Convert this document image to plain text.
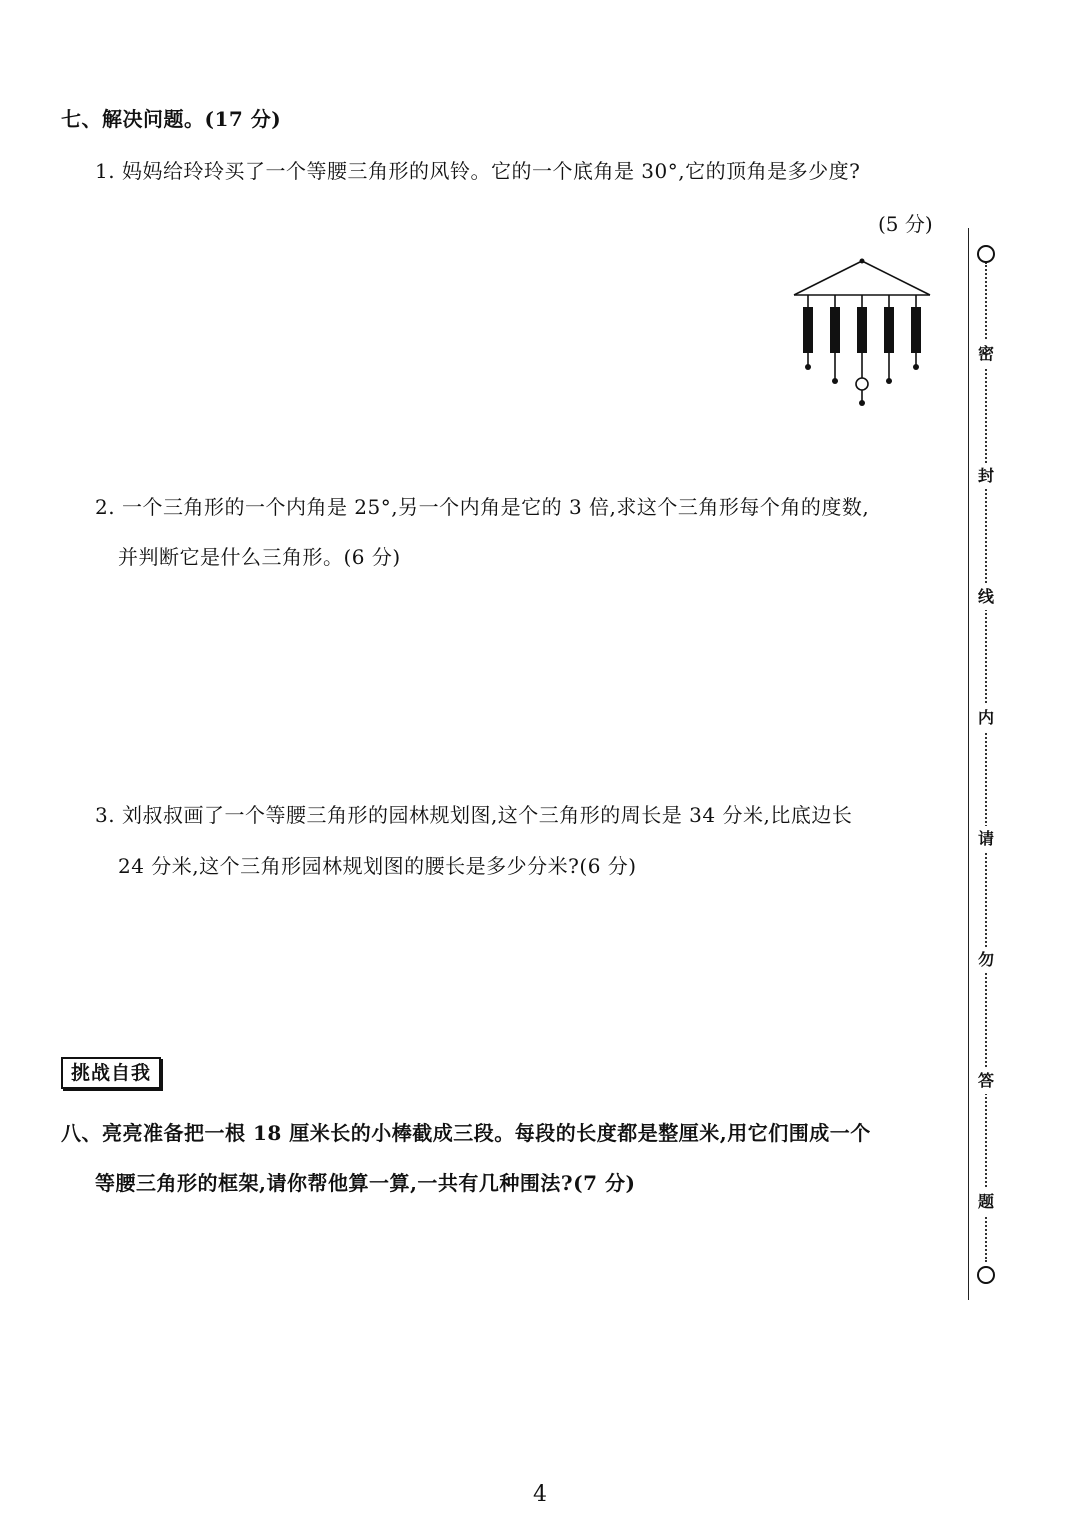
七、解决问题。(17 分)
1. 妈妈给玲玲买了一个等腰三角形的风铃。它的一个底角是 30°,它的顶角是多少度?
(5 分)
2. 一个三角形的一个内角是 25°,另一个内角是它的 3 倍,求这个三角形每个角的度数,
并判断它是什么三角形。(6 分)
3. 刘叔叔画了一个等腰三角形的园林规划图,这个三角形的周长是 34 分米,比底边长
24 分米,这个三角形园林规划图的腰长是多少分米?(6 分)
挑战自我
八、亮亮准备把一根 18 厘米长的小棒截成三段。每段的长度都是整厘米,用它们围成一个
等腰三角形的框架,请你帮他算一算,一共有几种围法?(7 分)
密
封
线
内
请
勿
答
题
4
